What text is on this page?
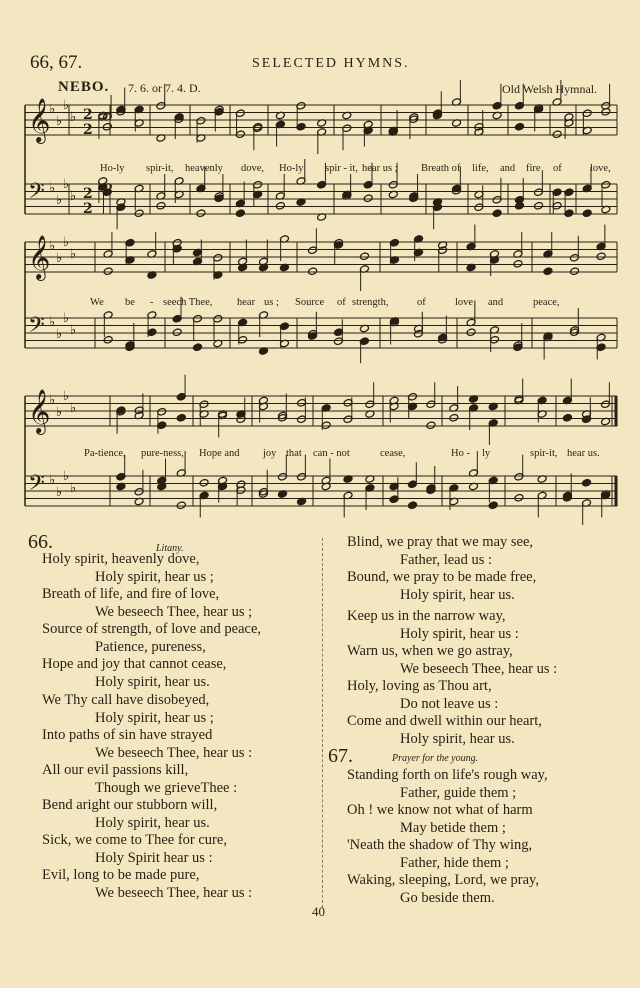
66, 67.	SELECTED HYMNS.
NEBO. 7. 6. or 7. 4. D.	Old Welsh Hymnal.
𝄞
♭
♭
♭
♭ 2
2
𝄢 ♭
♭
♭
♭ 2
2
𝄞
♭
♭
♭
♭
𝄢 ♭
♭
♭
♭
𝄞
♭
♭
♭
♭
𝄢 ♭
♭
♭
♭
Ho-ly spir-it, heavenly dove, Ho-ly spir - it, hear us ; Breath of life, and fire of	love,
We be - seech Thee, hear us ; Source of strength,	of	love and	peace,
Pa-tience, pure-ness, Hope and joy that can - not	cease,	Ho - ly	spir-it, hear us.
66.	Litany.
Holy spirit, heavenly dove,
Holy spirit, hear us ;
Breath of life, and fire of love,
We beseech Thee, hear us ;
Source of strength, of love and peace,
Patience, pureness,
Hope and joy that cannot cease,
Holy spirit, hear us.
We Thy call have disobeyed,
Holy spirit, hear us ;
Into paths of sin have strayed
We beseech Thee, hear us :
All our evil passions kill,
Though we grieveThee :
Bend aright our stubborn will,
Holy spirit, hear us.
Sick, we come to Thee for cure,
Holy Spirit hear us :
Evil, long to be made pure,
We beseech Thee, hear us :
Blind, we pray that we may see,
Father, lead us :
Bound, we pray to be made free,
Holy spirit, hear us.
Keep us in the narrow way,
Holy spirit, hear us :
Warn us, when we go astray,
We beseech Thee, hear us :
Holy, loving as Thou art,
Do not leave us :
Come and dwell within our heart,
Holy spirit, hear us.
67.	Prayer for the young.
Standing forth on life's rough way,
Father, guide them ;
Oh ! we know not what of harm
May betide them ;
'Neath the shadow of Thy wing,
Father, hide them ;
Waking, sleeping, Lord, we pray,
Go beside them.
40
